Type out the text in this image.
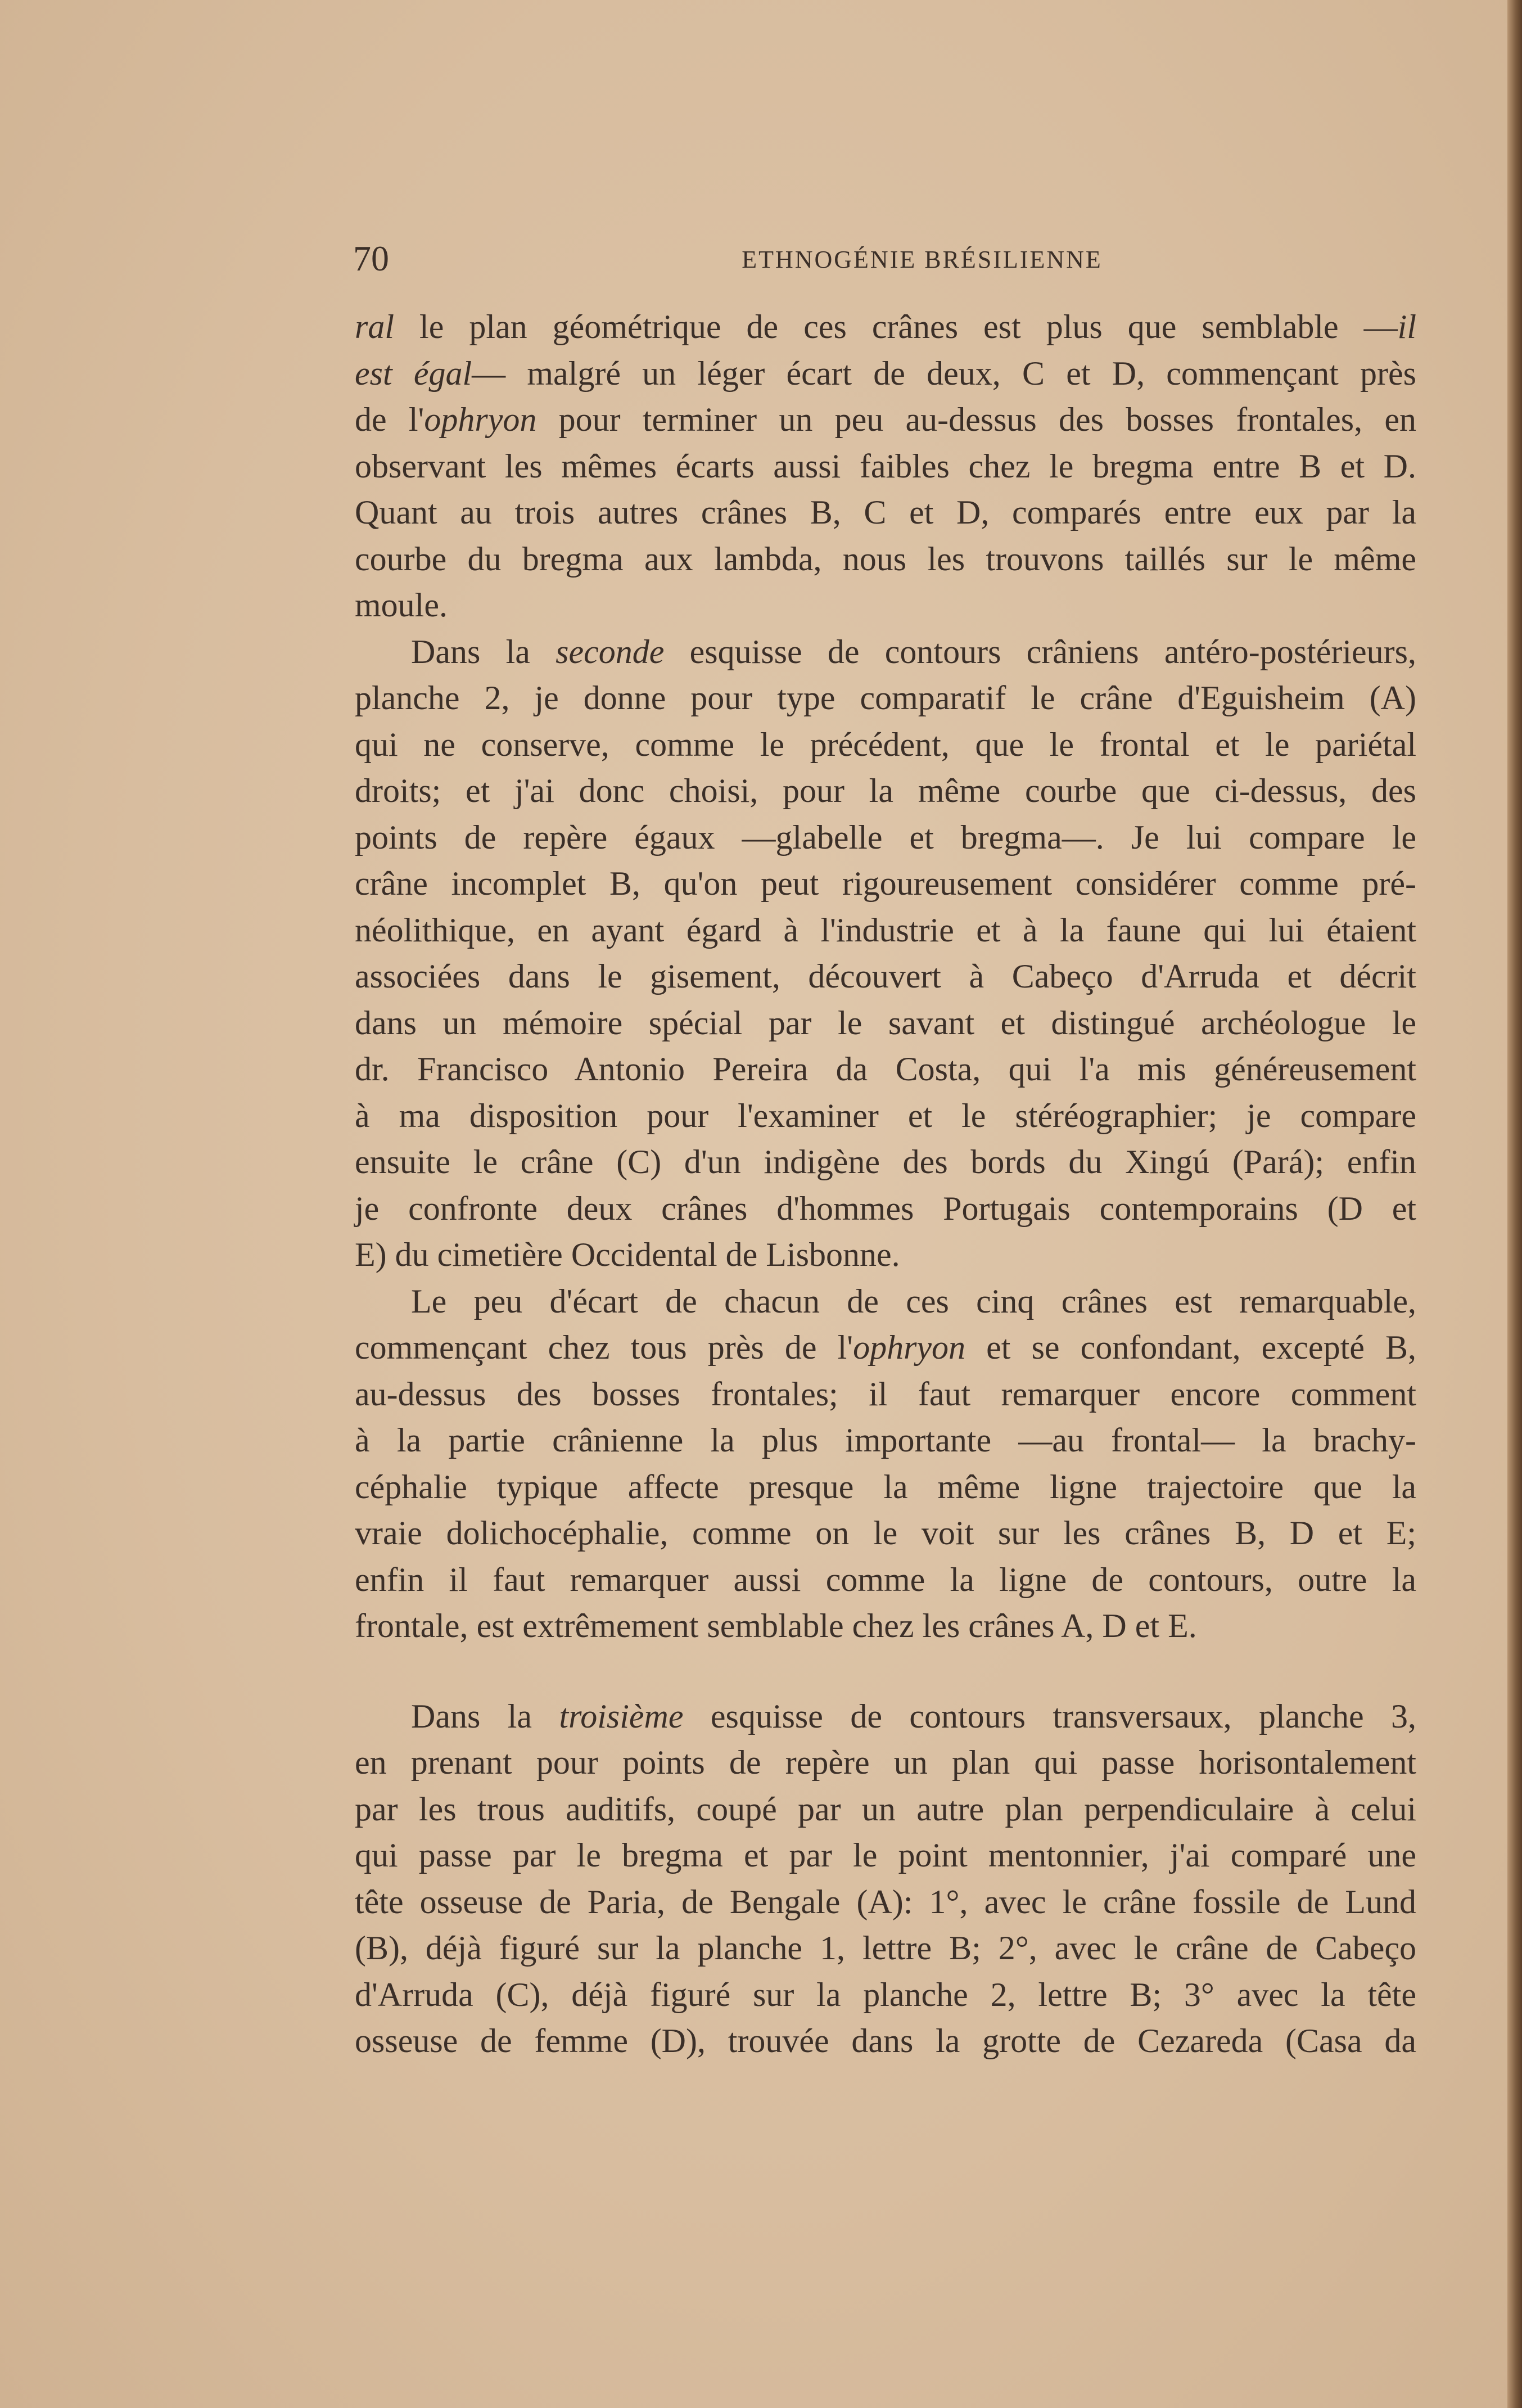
70	ETHNOGÉNIE BRÉSILIENNE
ral le plan géométrique de ces crânes est plus que semblable —il
est égal— malgré un léger écart de deux, C et D, commençant près
de l'ophryon pour terminer un peu au-dessus des bosses frontales, en
observant les mêmes écarts aussi faibles chez le bregma entre B et D.
Quant au trois autres crânes B, C et D, comparés entre eux par la
courbe du bregma aux lambda, nous les trouvons taillés sur le même
moule.
Dans la seconde esquisse de contours crâniens antéro-postérieurs,
planche 2, je donne pour type comparatif le crâne d'Eguisheim (A)
qui ne conserve, comme le précédent, que le frontal et le pariétal
droits; et j'ai donc choisi, pour la même courbe que ci-dessus, des
points de repère égaux —glabelle et bregma—. Je lui compare le
crâne incomplet B, qu'on peut rigoureusement considérer comme pré-
néolithique, en ayant égard à l'industrie et à la faune qui lui étaient
associées dans le gisement, découvert à Cabeço d'Arruda et décrit
dans un mémoire spécial par le savant et distingué archéologue le
dr. Francisco Antonio Pereira da Costa, qui l'a mis généreusement
à ma disposition pour l'examiner et le stéréographier; je compare
ensuite le crâne (C) d'un indigène des bords du Xingú (Pará); enfin
je confronte deux crânes d'hommes Portugais contemporains (D et
E) du cimetière Occidental de Lisbonne.
Le peu d'écart de chacun de ces cinq crânes est remarquable,
commençant chez tous près de l'ophryon et se confondant, excepté B,
au-dessus des bosses frontales; il faut remarquer encore comment
à la partie crânienne la plus importante —au frontal— la brachy-
céphalie typique affecte presque la même ligne trajectoire que la
vraie dolichocéphalie, comme on le voit sur les crânes B, D et E;
enfin il faut remarquer aussi comme la ligne de contours, outre la
frontale, est extrêmement semblable chez les crânes A, D et E.
Dans la troisième esquisse de contours transversaux, planche 3,
en prenant pour points de repère un plan qui passe horisontalement
par les trous auditifs, coupé par un autre plan perpendiculaire à celui
qui passe par le bregma et par le point mentonnier, j'ai comparé une
tête osseuse de Paria, de Bengale (A): 1°, avec le crâne fossile de Lund
(B), déjà figuré sur la planche 1, lettre B; 2°, avec le crâne de Cabeço
d'Arruda (C), déjà figuré sur la planche 2, lettre B; 3° avec la tête
osseuse de femme (D), trouvée dans la grotte de Cezareda (Casa da
